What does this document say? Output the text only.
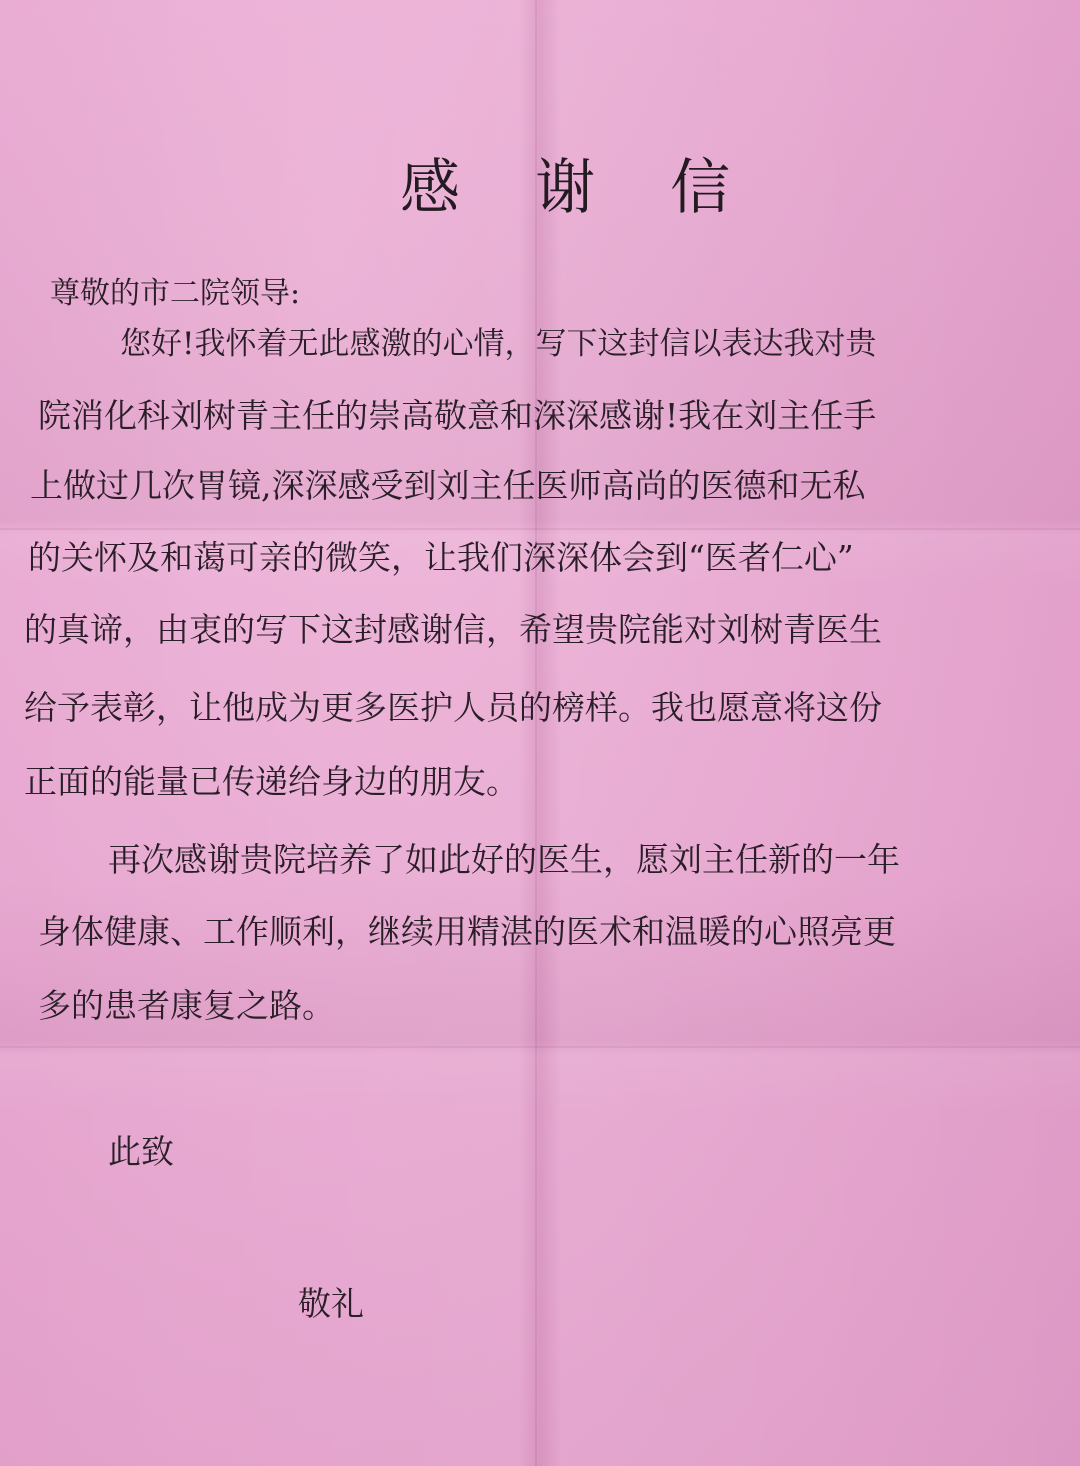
感 谢 信
尊敬的市二院领导:
您好!我怀着无此感激的心情，写下这封信以表达我对贵
院消化科刘树青主任的崇高敬意和深深感谢!我在刘主任手
上做过几次胃镜,深深感受到刘主任医师高尚的医德和无私
的关怀及和蔼可亲的微笑，让我们深深体会到“医者仁心”
的真谛，由衷的写下这封感谢信，希望贵院能对刘树青医生
给予表彰，让他成为更多医护人员的榜样。我也愿意将这份
正面的能量已传递给身边的朋友。
再次感谢贵院培养了如此好的医生，愿刘主任新的一年
身体健康、工作顺利，继续用精湛的医术和温暖的心照亮更
多的患者康复之路。
此致
敬礼
